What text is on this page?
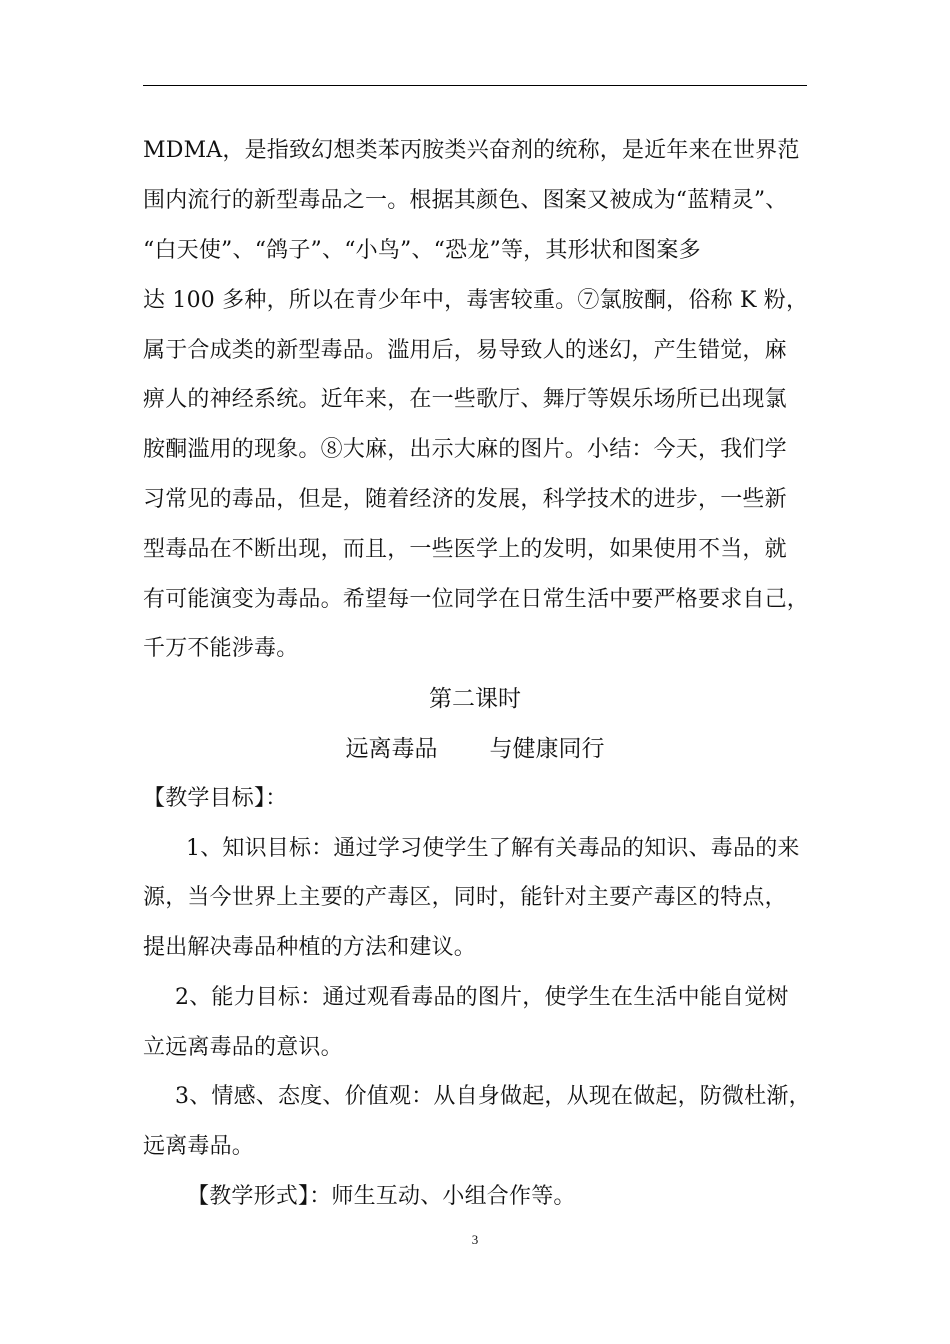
MDMA，是指致幻想类苯丙胺类兴奋剂的统称，是近年来在世界范
围内流行的新型毒品之一。根据其颜色、图案又被成为“蓝精灵”、
“白天使”、“鸽子”、“小鸟”、“恐龙”等，其形状和图案多
达 100 多种，所以在青少年中，毒害较重。⑦氯胺酮，俗称 K 粉，
属于合成类的新型毒品。滥用后，易导致人的迷幻，产生错觉，麻
痹人的神经系统。近年来，在一些歌厅、舞厅等娱乐场所已出现氯
胺酮滥用的现象。⑧大麻，出示大麻的图片。小结：今天，我们学
习常见的毒品，但是，随着经济的发展，科学技术的进步，一些新
型毒品在不断出现，而且，一些医学上的发明，如果使用不当，就
有可能演变为毒品。希望每一位同学在日常生活中要严格要求自己，
千万不能涉毒。
第二课时
远离毒品 与健康同行
【教学目标】：
1、知识目标：通过学习使学生了解有关毒品的知识、毒品的来
源，当今世界上主要的产毒区，同时，能针对主要产毒区的特点，
提出解决毒品种植的方法和建议。
2、能力目标：通过观看毒品的图片，使学生在生活中能自觉树
立远离毒品的意识。
3、情感、态度、价值观：从自身做起，从现在做起，防微杜渐，
远离毒品。
【教学形式】：师生互动、小组合作等。
3
